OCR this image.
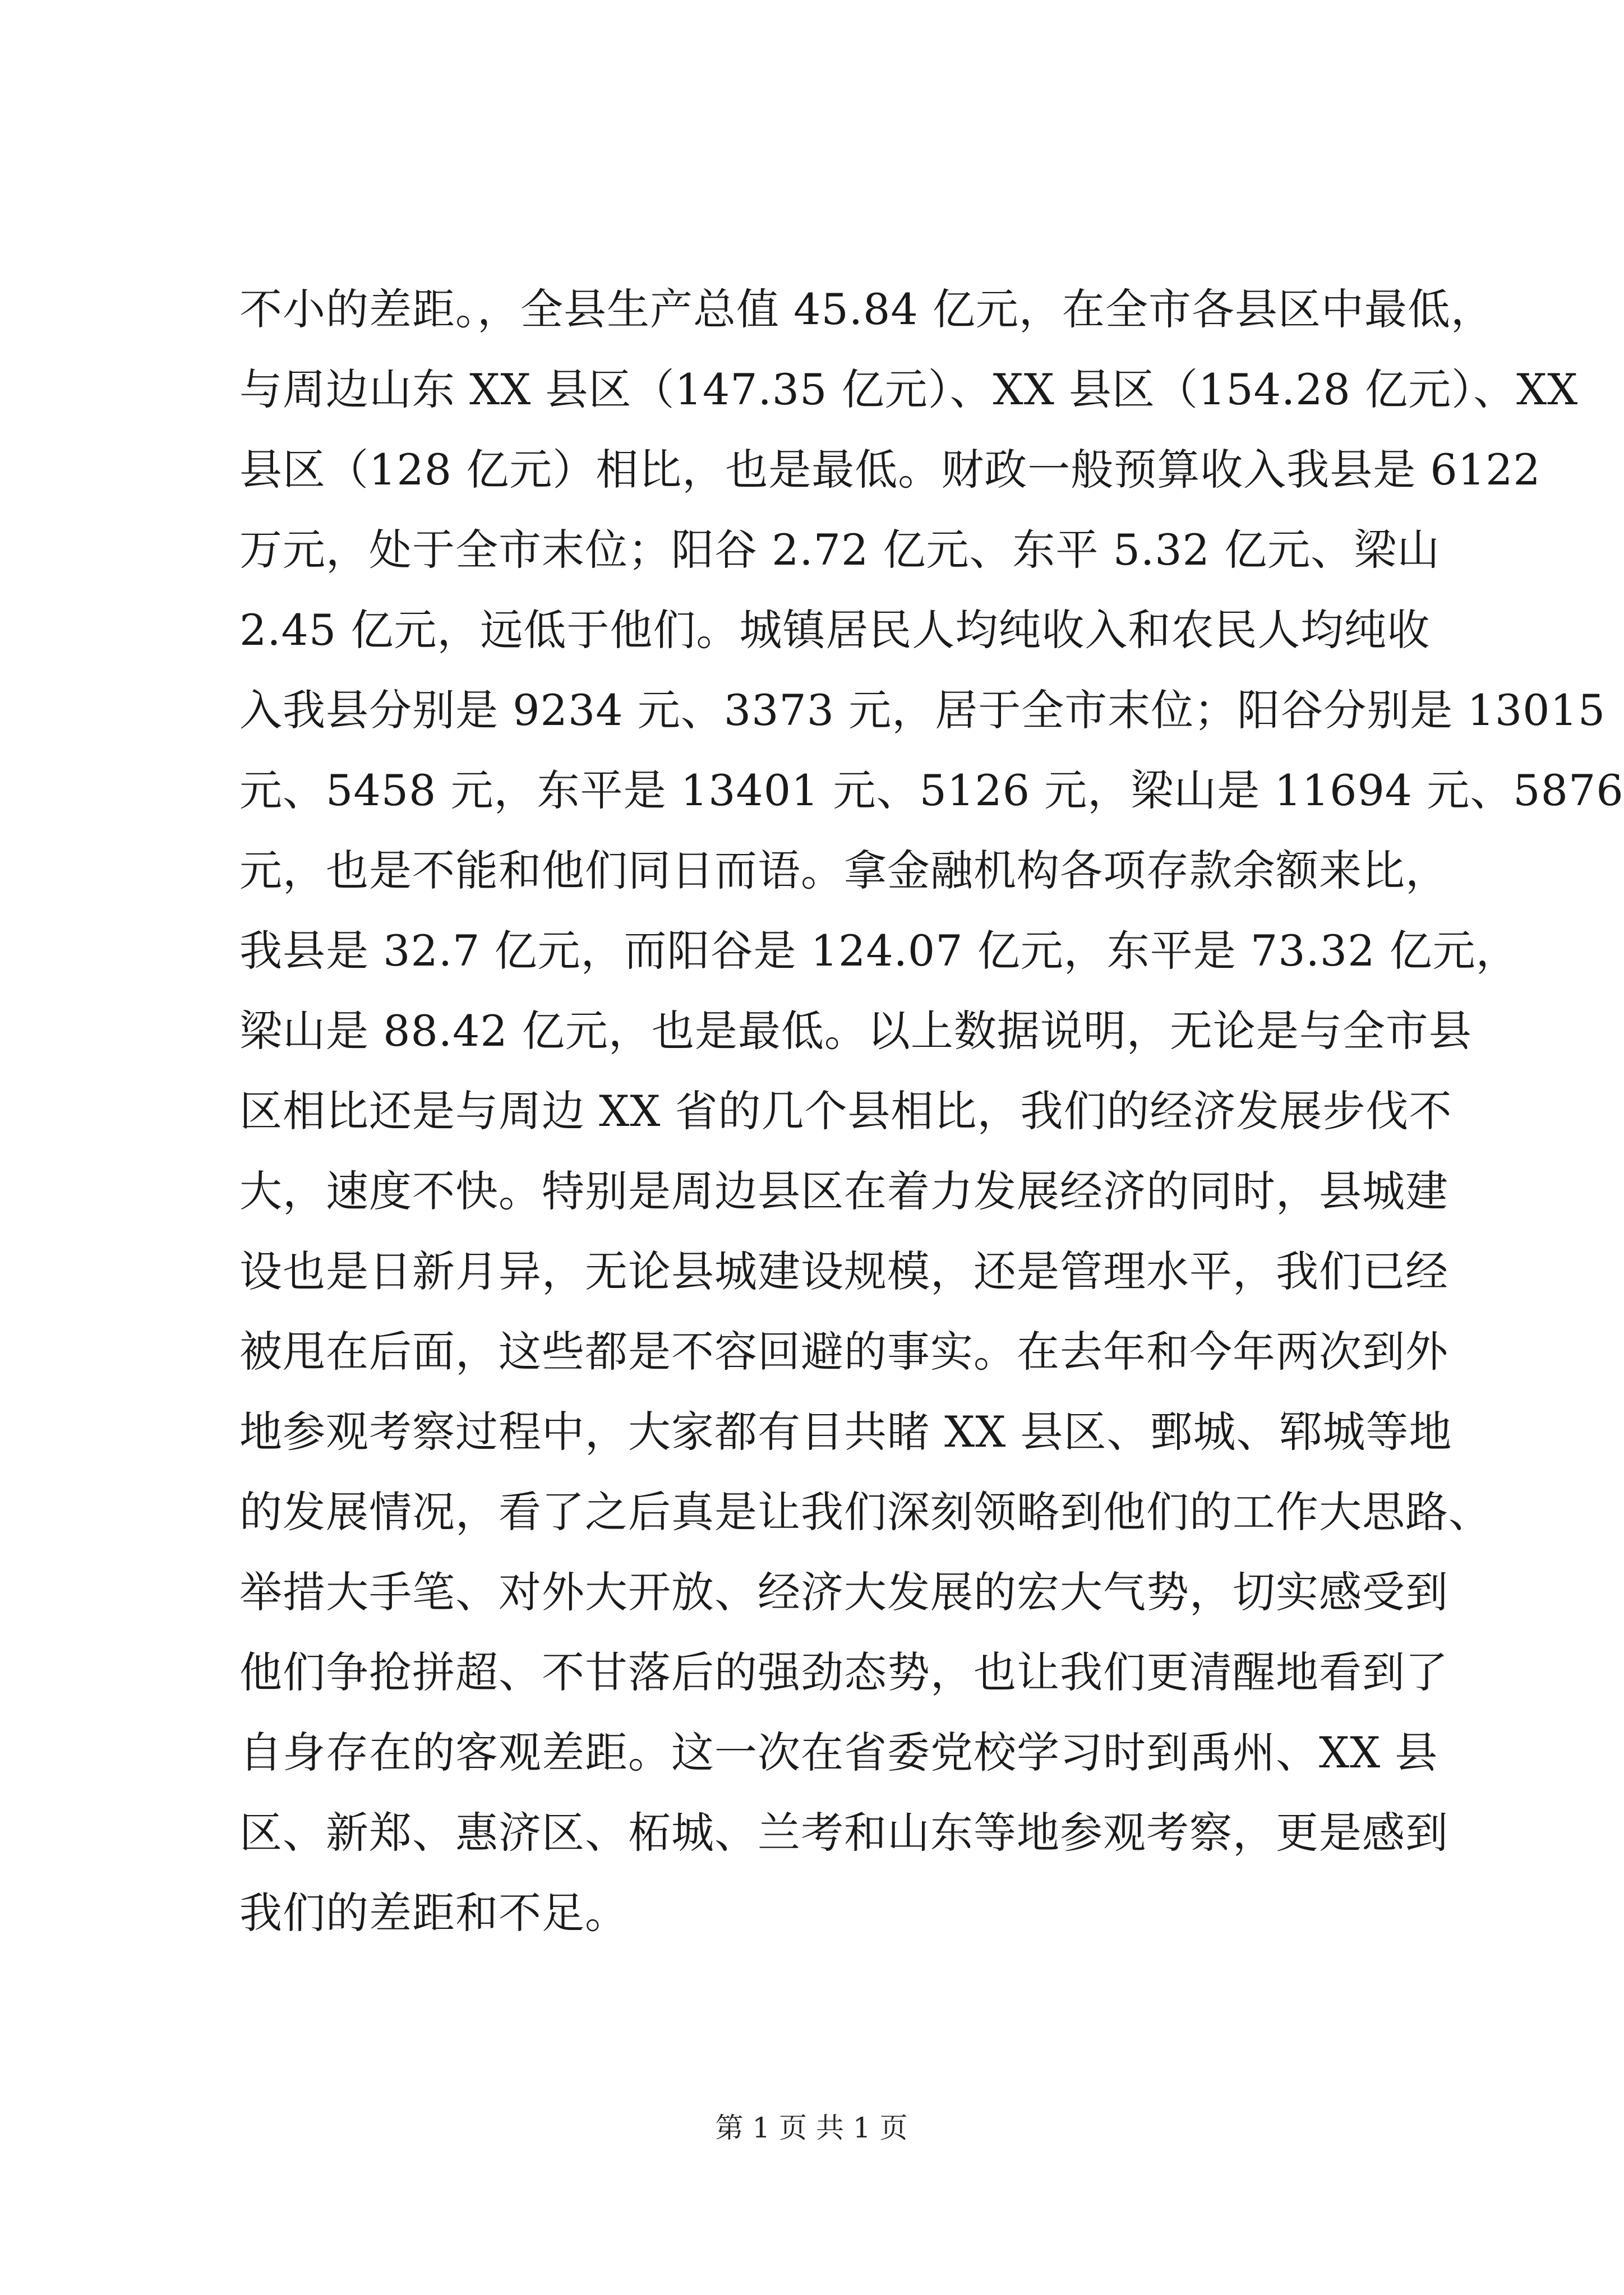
不小的差距。，全县生产总值 45.84 亿元，在全市各县区中最低，
与周边山东 XX 县区（147.35 亿元）、XX 县区（154.28 亿元）、XX
县区（128 亿元）相比，也是最低。财政一般预算收入我县是 6122
万元，处于全市末位；阳谷 2.72 亿元、东平 5.32 亿元、梁山
2.45 亿元，远低于他们。城镇居民人均纯收入和农民人均纯收
入我县分别是 9234 元、3373 元，居于全市末位；阳谷分别是 13015
元、5458 元，东平是 13401 元、5126 元，梁山是 11694 元、5876
元，也是不能和他们同日而语。拿金融机构各项存款余额来比，
我县是 32.7 亿元，而阳谷是 124.07 亿元，东平是 73.32 亿元，
梁山是 88.42 亿元，也是最低。以上数据说明，无论是与全市县
区相比还是与周边 XX 省的几个县相比，我们的经济发展步伐不
大，速度不快。特别是周边县区在着力发展经济的同时，县城建
设也是日新月异，无论县城建设规模，还是管理水平，我们已经
被甩在后面，这些都是不容回避的事实。在去年和今年两次到外
地参观考察过程中，大家都有目共睹 XX 县区、鄄城、郓城等地
的发展情况，看了之后真是让我们深刻领略到他们的工作大思路、
举措大手笔、对外大开放、经济大发展的宏大气势，切实感受到
他们争抢拼超、不甘落后的强劲态势，也让我们更清醒地看到了
自身存在的客观差距。这一次在省委党校学习时到禹州、XX 县
区、新郑、惠济区、柘城、兰考和山东等地参观考察，更是感到
我们的差距和不足。
第 1 页 共 1 页
